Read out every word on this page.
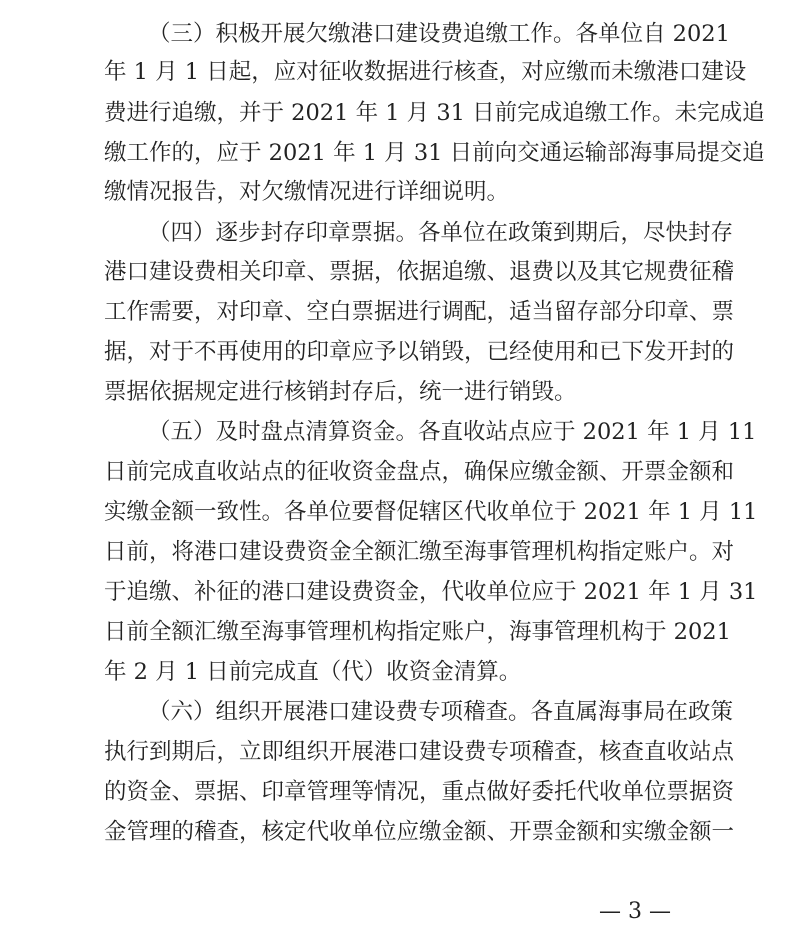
（三）积极开展欠缴港口建设费追缴工作。各单位自 2021
年 1 月 1 日起，应对征收数据进行核查，对应缴而未缴港口建设
费进行追缴，并于 2021 年 1 月 31 日前完成追缴工作。未完成追
缴工作的，应于 2021 年 1 月 31 日前向交通运输部海事局提交追
缴情况报告，对欠缴情况进行详细说明。
（四）逐步封存印章票据。各单位在政策到期后，尽快封存
港口建设费相关印章、票据，依据追缴、退费以及其它规费征稽
工作需要，对印章、空白票据进行调配，适当留存部分印章、票
据，对于不再使用的印章应予以销毁，已经使用和已下发开封的
票据依据规定进行核销封存后，统一进行销毁。
（五）及时盘点清算资金。各直收站点应于 2021 年 1 月 11
日前完成直收站点的征收资金盘点，确保应缴金额、开票金额和
实缴金额一致性。各单位要督促辖区代收单位于 2021 年 1 月 11
日前，将港口建设费资金全额汇缴至海事管理机构指定账户。对
于追缴、补征的港口建设费资金，代收单位应于 2021 年 1 月 31
日前全额汇缴至海事管理机构指定账户，海事管理机构于 2021
年 2 月 1 日前完成直（代）收资金清算。
（六）组织开展港口建设费专项稽查。各直属海事局在政策
执行到期后，立即组织开展港口建设费专项稽查，核查直收站点
的资金、票据、印章管理等情况，重点做好委托代收单位票据资
金管理的稽查，核定代收单位应缴金额、开票金额和实缴金额一
— 3 —
